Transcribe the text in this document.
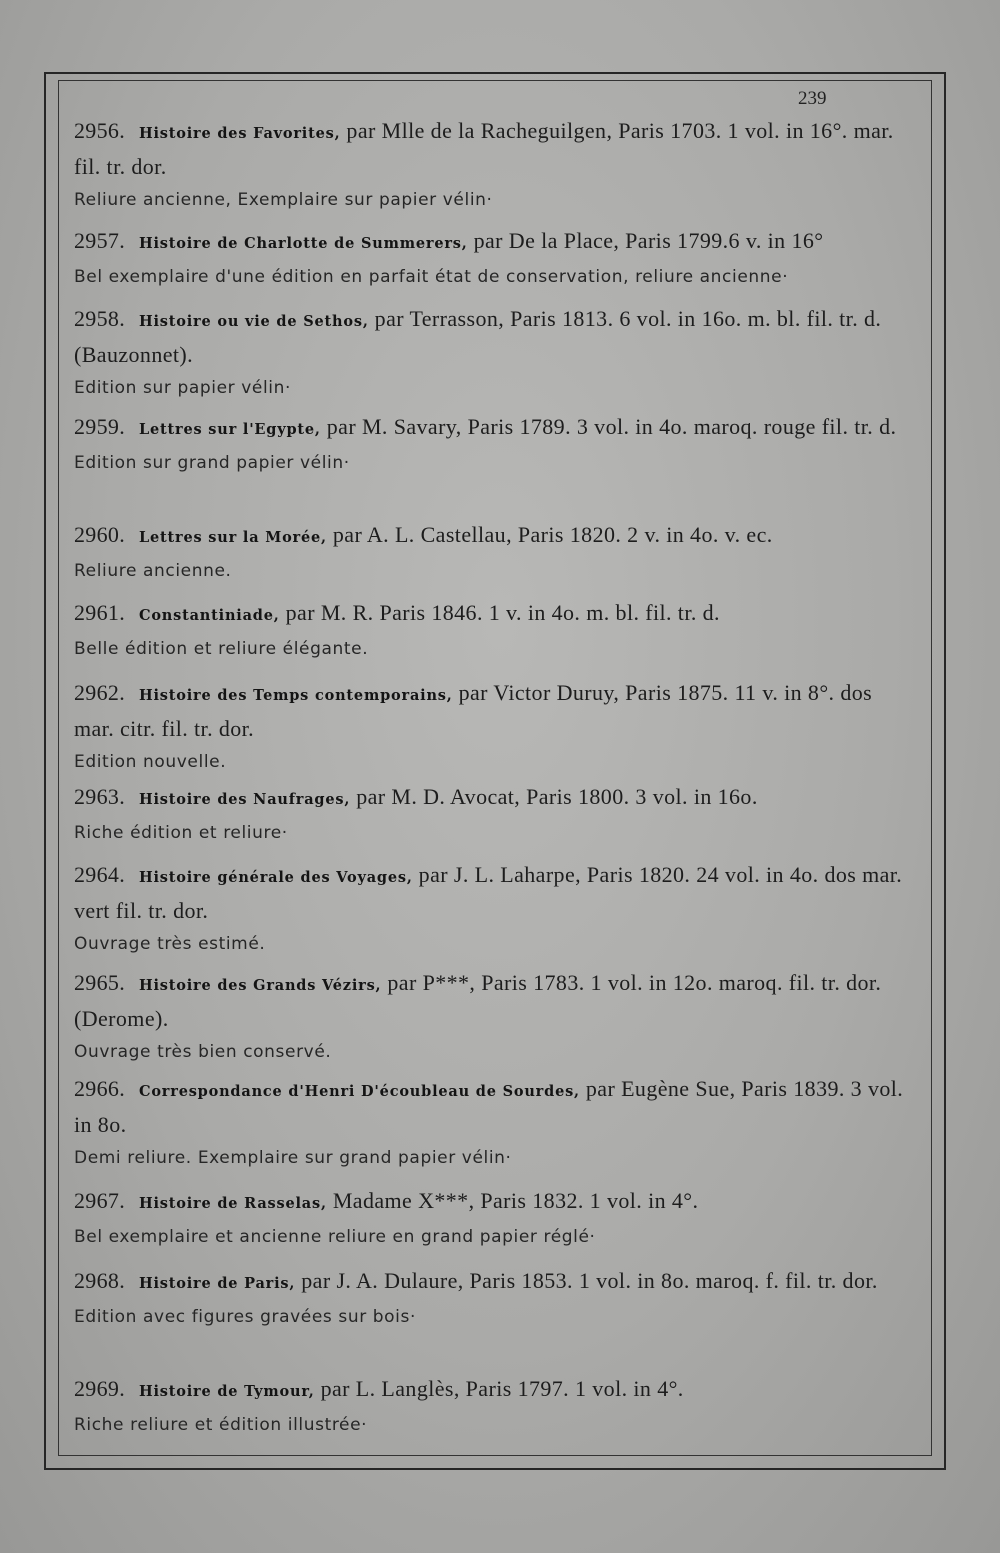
239
2956. Histoire des Favorites, par Mlle de la Racheguilgen, Paris 1703. 1 vol. in 16°. mar. fil. tr. dor.
Reliure ancienne, Exemplaire sur papier vélin·
2957. Histoire de Charlotte de Summerers, par De la Place, Paris 1799.6 v. in 16°
Bel exemplaire d'une édition en parfait état de conservation, reliure ancienne·
2958. Histoire ou vie de Sethos, par Terrasson, Paris 1813. 6 vol. in 16o. m. bl. fil. tr. d. (Bauzonnet).
Edition sur papier vélin·
2959. Lettres sur l'Egypte, par M. Savary, Paris 1789. 3 vol. in 4o. maroq. rouge fil. tr. d.
Edition sur grand papier vélin·
2960. Lettres sur la Morée, par A. L. Castellau, Paris 1820. 2 v. in 4o. v. ec.
Reliure ancienne.
2961. Constantiniade, par M. R. Paris 1846. 1 v. in 4o. m. bl. fil. tr. d.
Belle édition et reliure élégante.
2962. Histoire des Temps contemporains, par Victor Duruy, Paris 1875. 11 v. in 8°. dos mar. citr. fil. tr. dor.
Edition nouvelle.
2963. Histoire des Naufrages, par M. D. Avocat, Paris 1800. 3 vol. in 16o.
Riche édition et reliure·
2964. Histoire générale des Voyages, par J. L. Laharpe, Paris 1820. 24 vol. in 4o. dos mar. vert fil. tr. dor.
Ouvrage très estimé.
2965. Histoire des Grands Vézirs, par P***, Paris 1783. 1 vol. in 12o. maroq. fil. tr. dor. (Derome).
Ouvrage très bien conservé.
2966. Correspondance d'Henri D'écoubleau de Sourdes, par Eugène Sue, Paris 1839. 3 vol. in 8o.
Demi reliure. Exemplaire sur grand papier vélin·
2967. Histoire de Rasselas, Madame X***, Paris 1832. 1 vol. in 4°.
Bel exemplaire et ancienne reliure en grand papier réglé·
2968. Histoire de Paris, par J. A. Dulaure, Paris 1853. 1 vol. in 8o. maroq. f. fil. tr. dor.
Edition avec figures gravées sur bois·
2969. Histoire de Tymour, par L. Langlès, Paris 1797. 1 vol. in 4°.
Riche reliure et édition illustrée·
